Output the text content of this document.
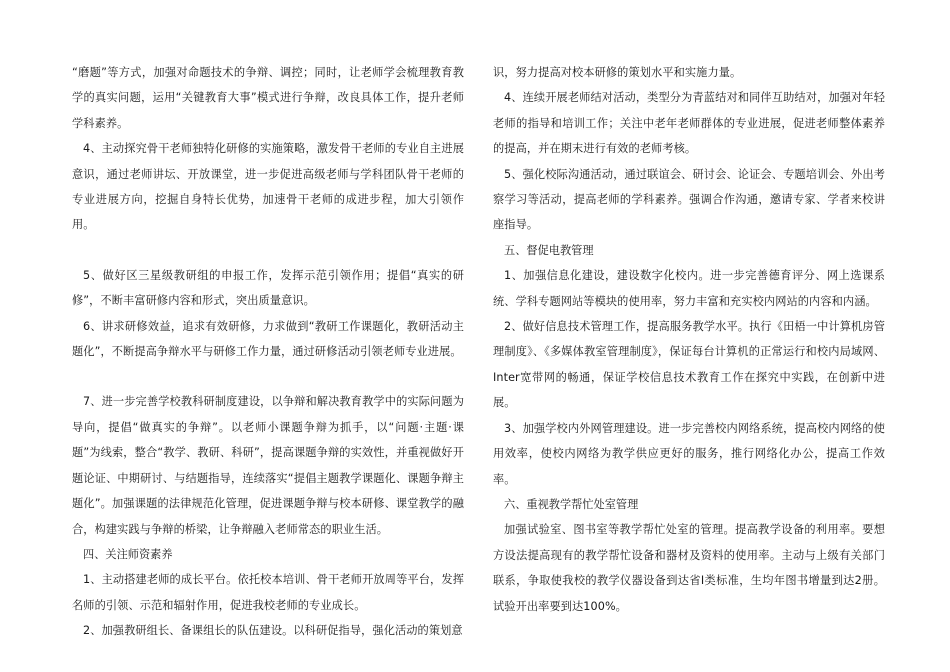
“磨题”等方式，加强对命题技术的争辩、调控；同时，让老师学会梳理教育教学的真实问题，运用“关键教育大事”模式进行争辩，改良具体工作，提升老师学科素养。

4、主动探究骨干老师独特化研修的实施策略，激发骨干老师的专业自主进展意识，通过老师讲坛、开放课堂，进一步促进高级老师与学科团队骨干老师的专业进展方向，挖掘自身特长优势，加速骨干老师的成进步程，加大引领作用。

5、做好区三星级教研组的申报工作，发挥示范引领作用；提倡“真实的研修”，不断丰富研修内容和形式，突出质量意识。

6、讲求研修效益，追求有效研修，力求做到“教研工作课题化，教研活动主题化”，不断提高争辩水平与研修工作力量，通过研修活动引领老师专业进展。

7、进一步完善学校教科研制度建设，以争辩和解决教育教学中的实际问题为导向，提倡“做真实的争辩”。以老师小课题争辩为抓手，以“问题·主题·课题”为线索，整合“教学、教研、科研”，提高课题争辩的实效性，并重视做好开题论证、中期研讨、与结题指导，连续落实“提倡主题教学课题化、课题争辩主题化”。加强课题的法律规范化管理，促进课题争辩与校本研修、课堂教学的融合，构建实践与争辩的桥梁，让争辩融入老师常态的职业生活。

四、关注师资素养

1、主动搭建老师的成长平台。依托校本培训、骨干老师开放周等平台，发挥名师的引领、示范和辐射作用，促进我校老师的专业成长。

2、加强教研组长、备课组长的队伍建设。以科研促指导，强化活动的策划意

识，努力提高对校本研修的策划水平和实施力量。

4、连续开展老师结对活动，类型分为青蓝结对和同伴互助结对，加强对年轻老师的指导和培训工作；关注中老年老师群体的专业进展，促进老师整体素养的提高，并在期末进行有效的老师考核。

5、强化校际沟通活动，通过联谊会、研讨会、论证会、专题培训会、外出考察学习等活动，提高老师的学科素养。强调合作沟通，邀请专家、学者来校讲座指导。

五、督促电教管理

1、加强信息化建设，建设数字化校内。进一步完善德育评分、网上选课系统、学科专题网站等模块的使用率，努力丰富和充实校内网站的内容和内涵。

2、做好信息技术管理工作，提高服务教学水平。执行《田梧一中计算机房管理制度》、《多媒体教室管理制度》，保证每台计算机的正常运行和校内局域网、Inter宽带网的畅通，保证学校信息技术教育工作在探究中实践，在创新中进展。

3、加强学校内外网管理建设。进一步完善校内网络系统，提高校内网络的使用效率，使校内网络为教学供应更好的服务，推行网络化办公，提高工作效率。

六、重视教学帮忙处室管理

加强试验室、图书室等教学帮忙处室的管理。提高教学设备的利用率。要想方设法提高现有的教学帮忙设备和器材及资料的使用率。主动与上级有关部门联系，争取使我校的教学仪器设备到达省Ⅰ类标准，生均年图书增量到达2册。试验开出率要到达100%。
